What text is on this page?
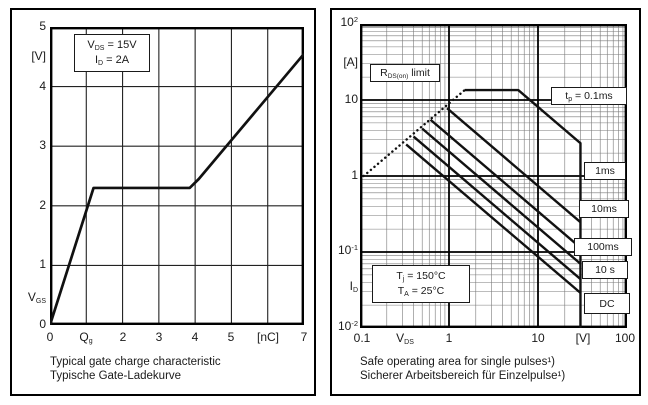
5
[V]
4
3
2
1
$V_{GS}$
0
0	$Q_g$	2	3	4	5	[nC]	7
$V_{DS} = 15V$
$I_D = 2A$
Typical gate charge characteristic
Typische Gate-Ladekurve
$10^2$
[A]
10
1
$10^{-1}$
$I_D$
$10^{-2}$
0.1	$V_{DS}$	1	10	[V]	100
$R_{DS(on)}$ limit
$t_p = 0.1ms$
1ms
10ms
100ms
10 s
DC
$T_j = 150^\circ C$
$T_A = 25^\circ C$
Safe operating area for single pulses¹)
Sicherer Arbeitsbereich für Einzelpulse¹)
